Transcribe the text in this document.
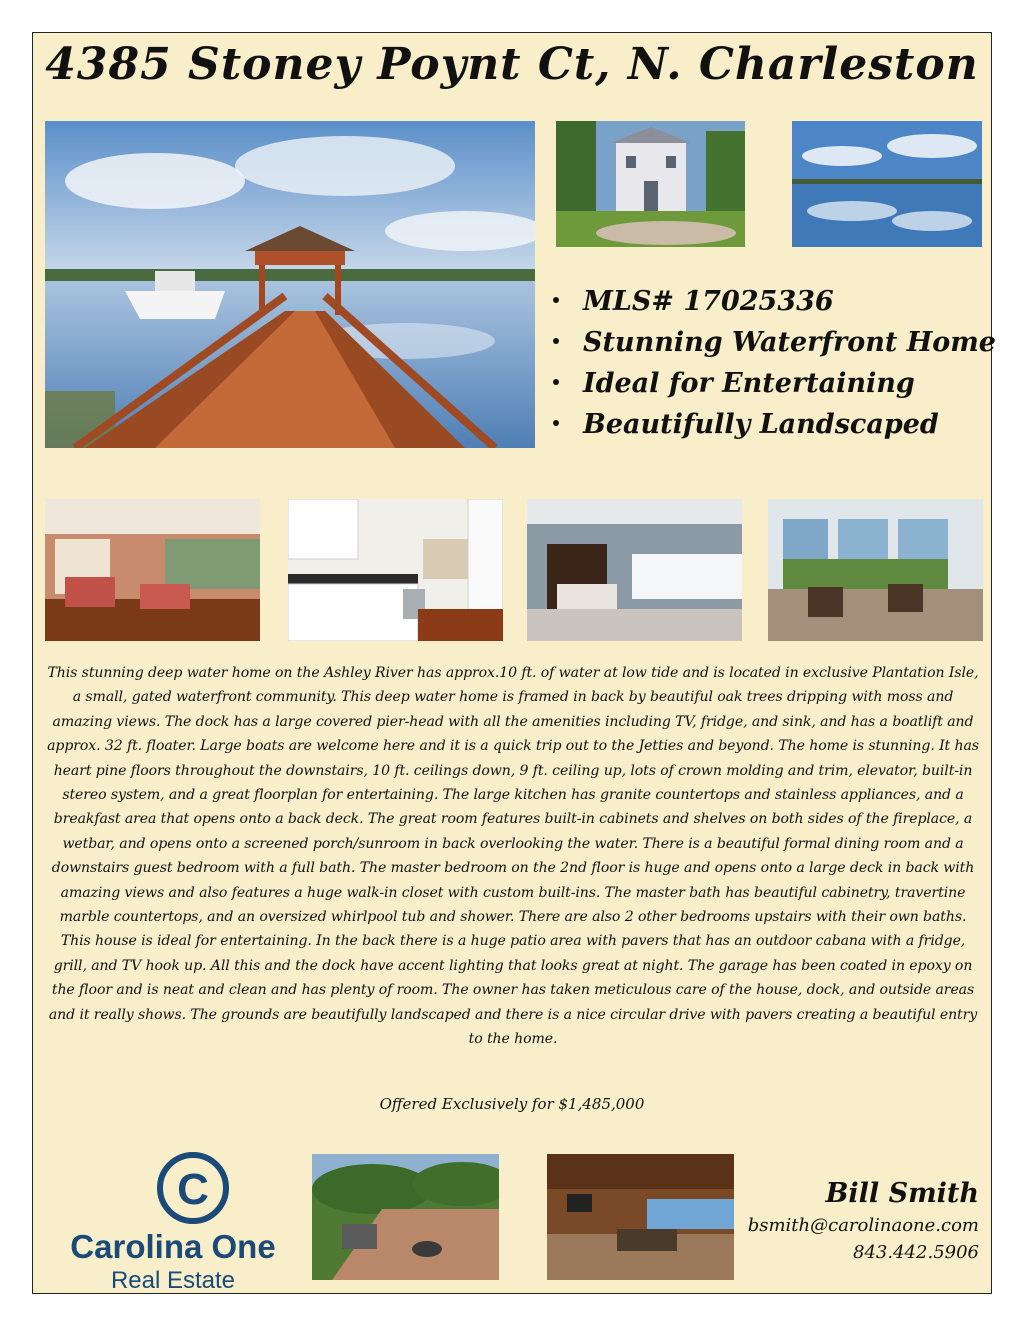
4385 Stoney Poynt Ct, N. Charleston
MLS# 17025336
Stunning Waterfront Home
Ideal for Entertaining
Beautifully Landscaped

This stunning deep water home on the Ashley River has approx.10 ft. of water at low tide and is located in exclusive Plantation Isle, a small, gated waterfront community. This deep water home is framed in back by beautiful oak trees dripping with moss and amazing views. The dock has a large covered pier-head with all the amenities including TV, fridge, and sink, and has a boatlift and approx. 32 ft. floater. Large boats are welcome here and it is a quick trip out to the Jetties and beyond. The home is stunning. It has heart pine floors throughout the downstairs, 10 ft. ceilings down, 9 ft. ceiling up, lots of crown molding and trim, elevator, built-in stereo system, and a great floorplan for entertaining. The large kitchen has granite countertops and stainless appliances, and a breakfast area that opens onto a back deck. The great room features built-in cabinets and shelves on both sides of the fireplace, a wetbar, and opens onto a screened porch/sunroom in back overlooking the water. There is a beautiful formal dining room and a downstairs guest bedroom with a full bath. The master bedroom on the 2nd floor is huge and opens onto a large deck in back with amazing views and also features a huge walk-in closet with custom built-ins. The master bath has beautiful cabinetry, travertine marble countertops, and an oversized whirlpool tub and shower. There are also 2 other bedrooms upstairs with their own baths. This house is ideal for entertaining. In the back there is a huge patio area with pavers that has an outdoor cabana with a fridge, grill, and TV hook up. All this and the dock have accent lighting that looks great at night. The garage has been coated in epoxy on the floor and is neat and clean and has plenty of room. The owner has taken meticulous care of the house, dock, and outside areas and it really shows. The grounds are beautifully landscaped and there is a nice circular drive with pavers creating a beautiful entry to the home.

Offered Exclusively for $1,485,000
C
Carolina One
Real Estate
Bill Smith
bsmith@carolinaone.com
843.442.5906
